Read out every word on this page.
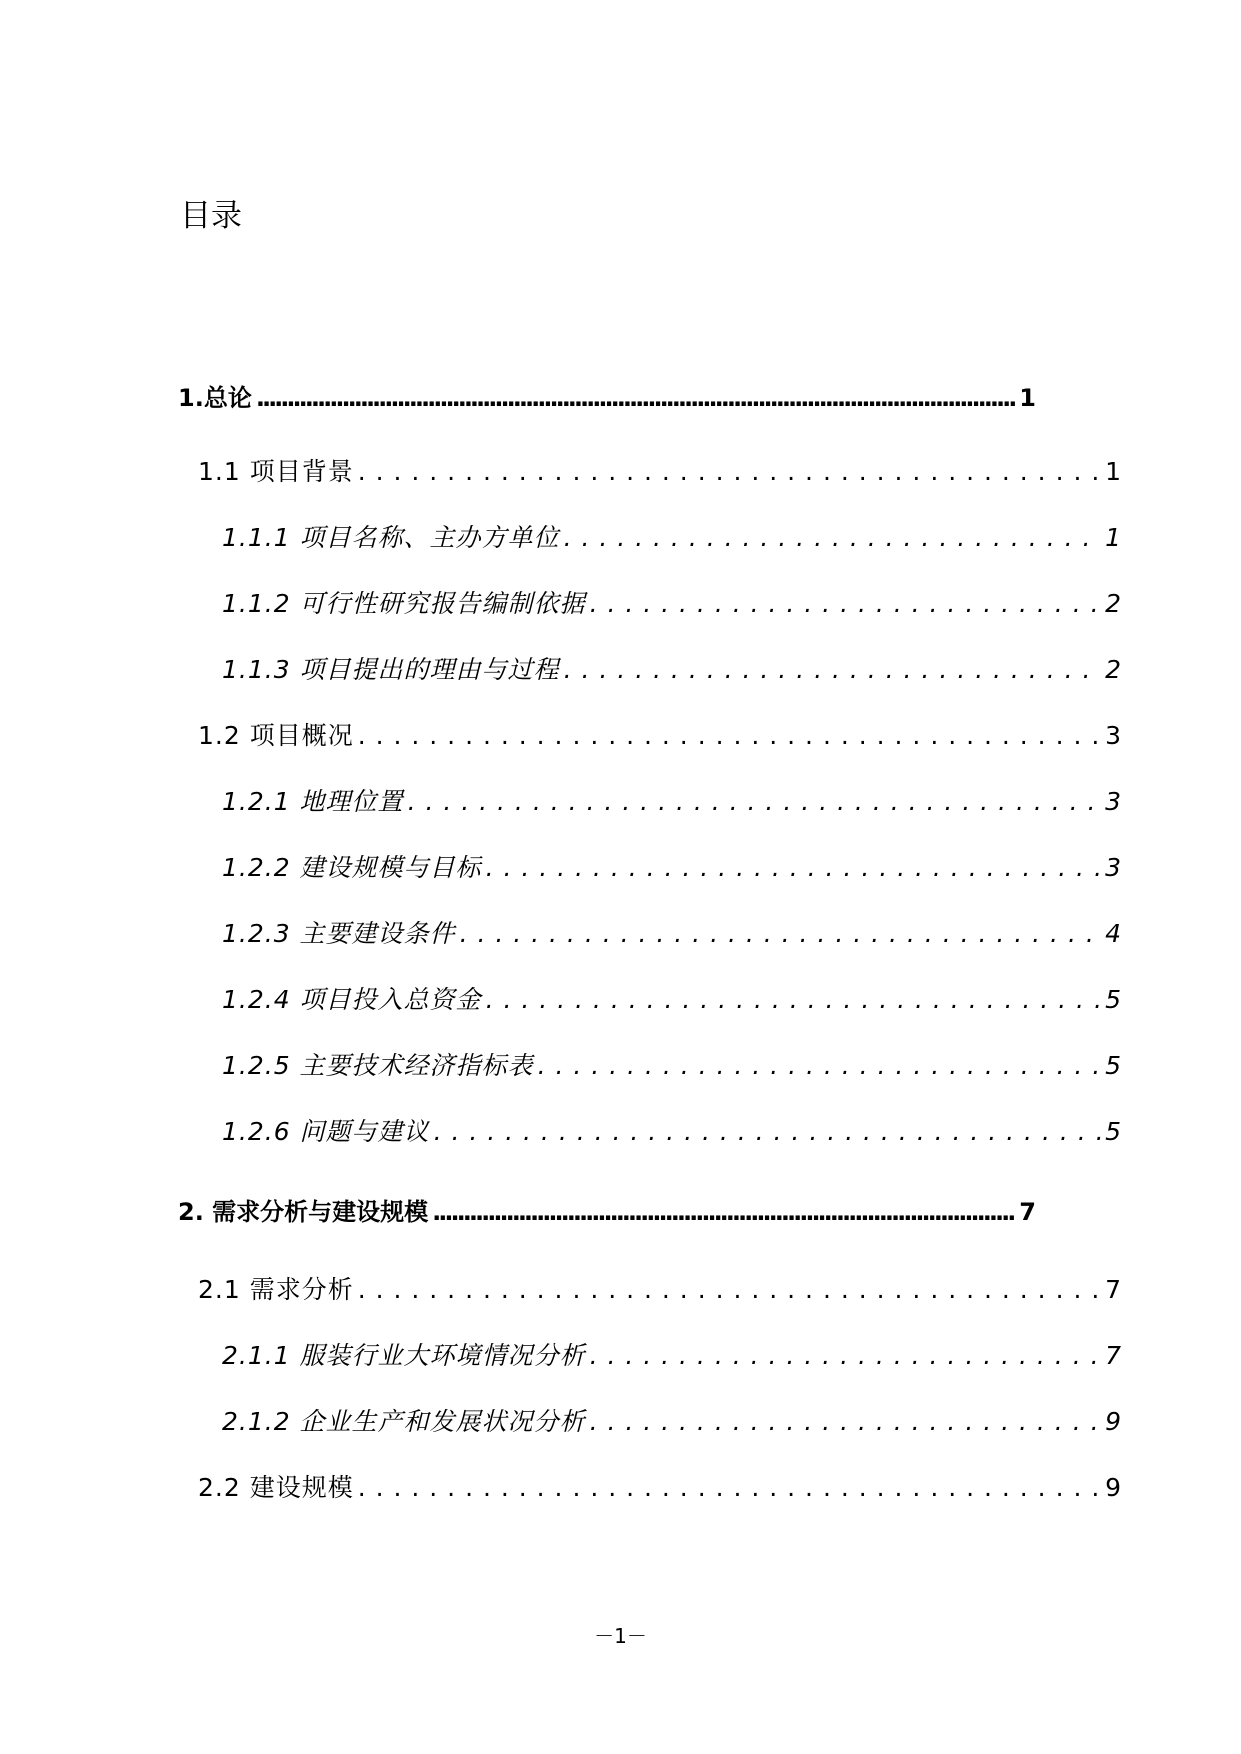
目录
1.总论 .....	1
1.1 项目背景 . . .	1
1.1.1 项目名称、主办方单位 . . .	1
1.1.2 可行性研究报告编制依据 . . .	2
1.1.3 项目提出的理由与过程 . . .	2
1.2 项目概况 . . .	3
1.2.1 地理位置 . . .	3
1.2.2 建设规模与目标 . . .	3
1.2.3 主要建设条件 . . .	4
1.2.4 项目投入总资金 . . .	5
1.2.5 主要技术经济指标表 . . .	5
1.2.6 问题与建议 . . .	5
2. 需求分析与建设规模 .....	7
2.1 需求分析 . . .	7
2.1.1 服装行业大环境情况分析 . . .	7
2.1.2 企业生产和发展状况分析 . . .	9
2.2 建设规模 . . .	9
－1－
